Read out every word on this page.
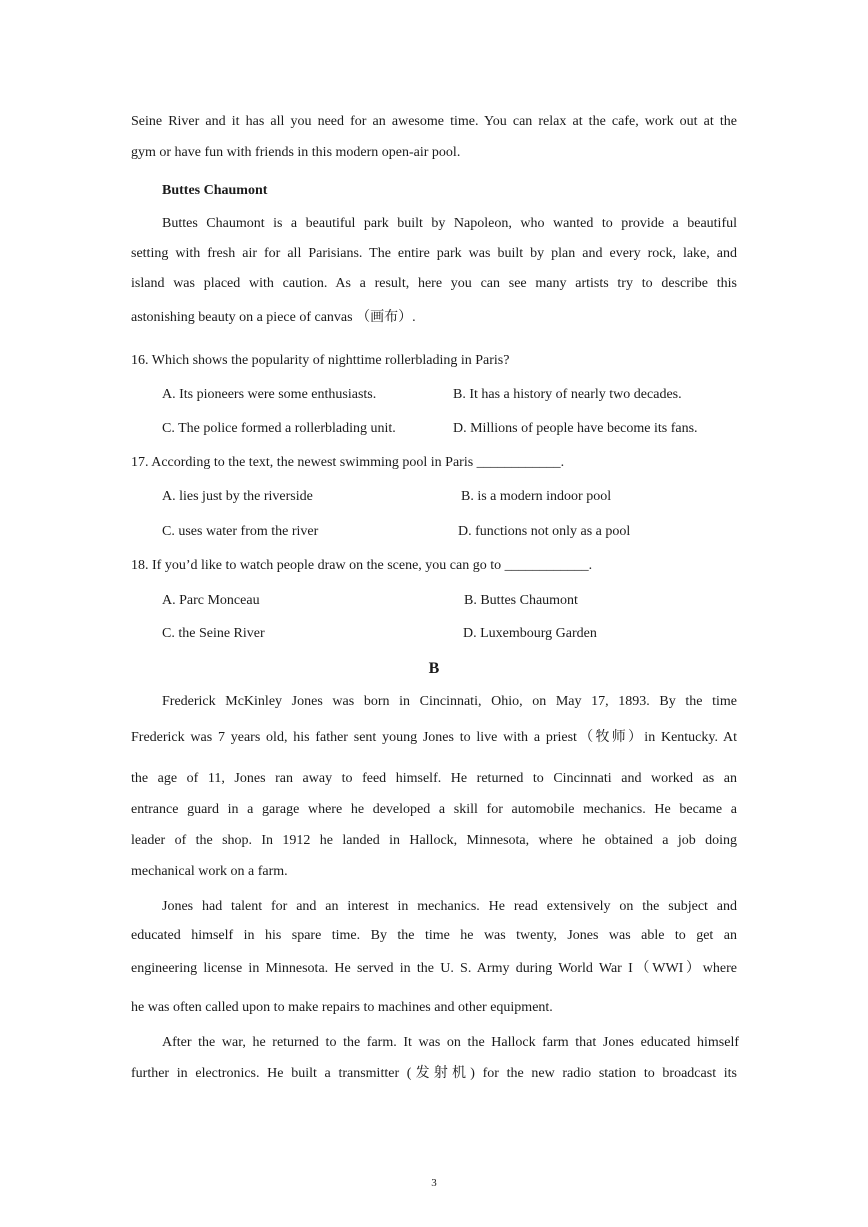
Seine River and it has all you need for an awesome time. You can relax at the cafe, work out at the
gym or have fun with friends in this modern open-air pool.
Buttes Chaumont
Buttes Chaumont is a beautiful park built by Napoleon, who wanted to provide a beautiful
setting with fresh air for all Parisians. The entire park was built by plan and every rock, lake, and
island was placed with caution. As a result, here you can see many artists try to describe this
astonishing beauty on a piece of canvas （画布）.
16. Which shows the popularity of nighttime rollerblading in Paris?
A. Its pioneers were some enthusiasts.	B. It has a history of nearly two decades.
C. The police formed a rollerblading unit.	D. Millions of people have become its fans.
17. According to the text, the newest swimming pool in Paris ____________.
A. lies just by the riverside	B. is a modern indoor pool
C. uses water from the river	D. functions not only as a pool
18. If you’d like to watch people draw on the scene, you can go to ____________.
A. Parc Monceau	B. Buttes Chaumont
C. the Seine River	D. Luxembourg Garden
B
Frederick McKinley Jones was born in Cincinnati, Ohio, on May 17, 1893. By the time
Frederick was 7 years old, his father sent young Jones to live with a priest（牧师）in Kentucky. At
the age of 11, Jones ran away to feed himself. He returned to Cincinnati and worked as an
entrance guard in a garage where he developed a skill for automobile mechanics. He became a
leader of the shop. In 1912 he landed in Hallock, Minnesota, where he obtained a job doing
mechanical work on a farm.
Jones had talent for and an interest in mechanics. He read extensively on the subject and
educated himself in his spare time. By the time he was twenty, Jones was able to get an
engineering license in Minnesota. He served in the U. S. Army during World War I（WWI）where
he was often called upon to make repairs to machines and other equipment.
After the war, he returned to the farm. It was on the Hallock farm that Jones educated himself
further in electronics. He built a transmitter (发射机) for the new radio station to broadcast its
3
